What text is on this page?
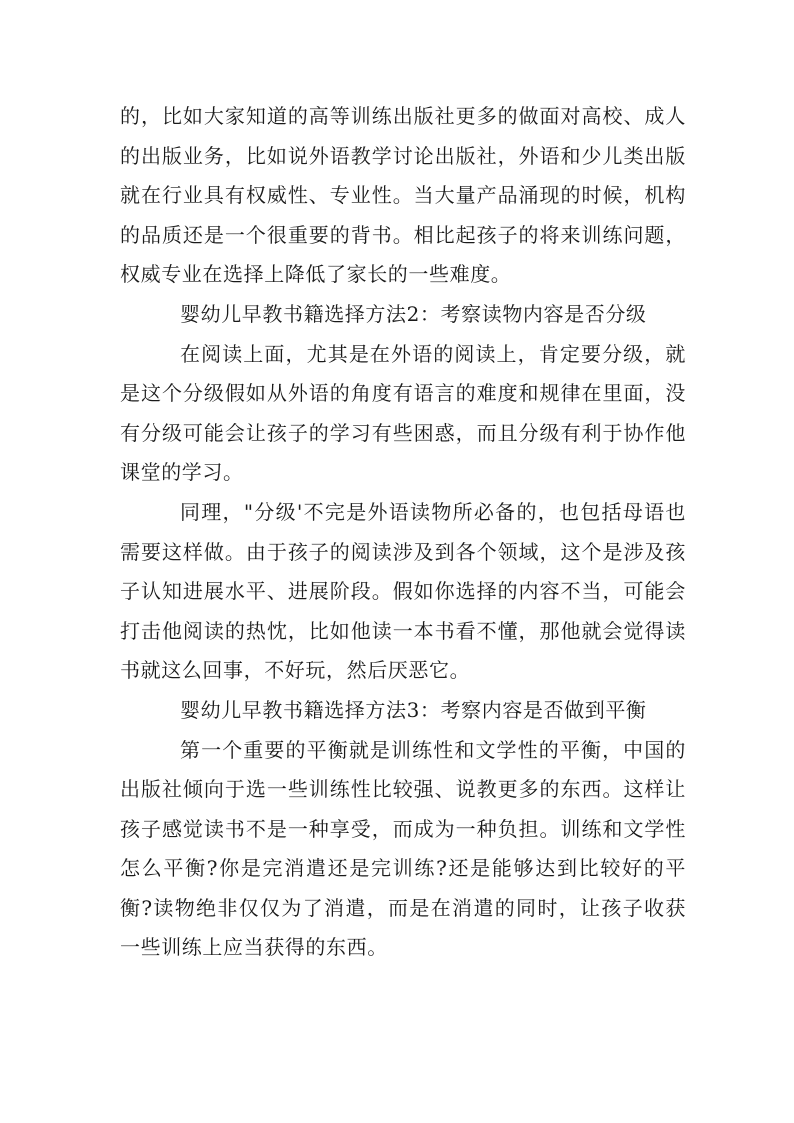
的，比如大家知道的高等训练出版社更多的做面对高校、成人的出版业务，比如说外语教学讨论出版社，外语和少儿类出版就在行业具有权威性、专业性。当大量产品涌现的时候，机构的品质还是一个很重要的背书。相比起孩子的将来训练问题，权威专业在选择上降低了家长的一些难度。

婴幼儿早教书籍选择方法2：考察读物内容是否分级

在阅读上面，尤其是在外语的阅读上，肯定要分级，就是这个分级假如从外语的角度有语言的难度和规律在里面，没有分级可能会让孩子的学习有些困惑，而且分级有利于协作他课堂的学习。

同理，"分级'不完是外语读物所必备的，也包括母语也需要这样做。由于孩子的阅读涉及到各个领域，这个是涉及孩子认知进展水平、进展阶段。假如你选择的内容不当，可能会打击他阅读的热忱，比如他读一本书看不懂，那他就会觉得读书就这么回事，不好玩，然后厌恶它。

婴幼儿早教书籍选择方法3：考察内容是否做到平衡

第一个重要的平衡就是训练性和文学性的平衡，中国的出版社倾向于选一些训练性比较强、说教更多的东西。这样让孩子感觉读书不是一种享受，而成为一种负担。训练和文学性怎么平衡?你是完消遣还是完训练?还是能够达到比较好的平衡?读物绝非仅仅为了消遣，而是在消遣的同时，让孩子收获一些训练上应当获得的东西。
